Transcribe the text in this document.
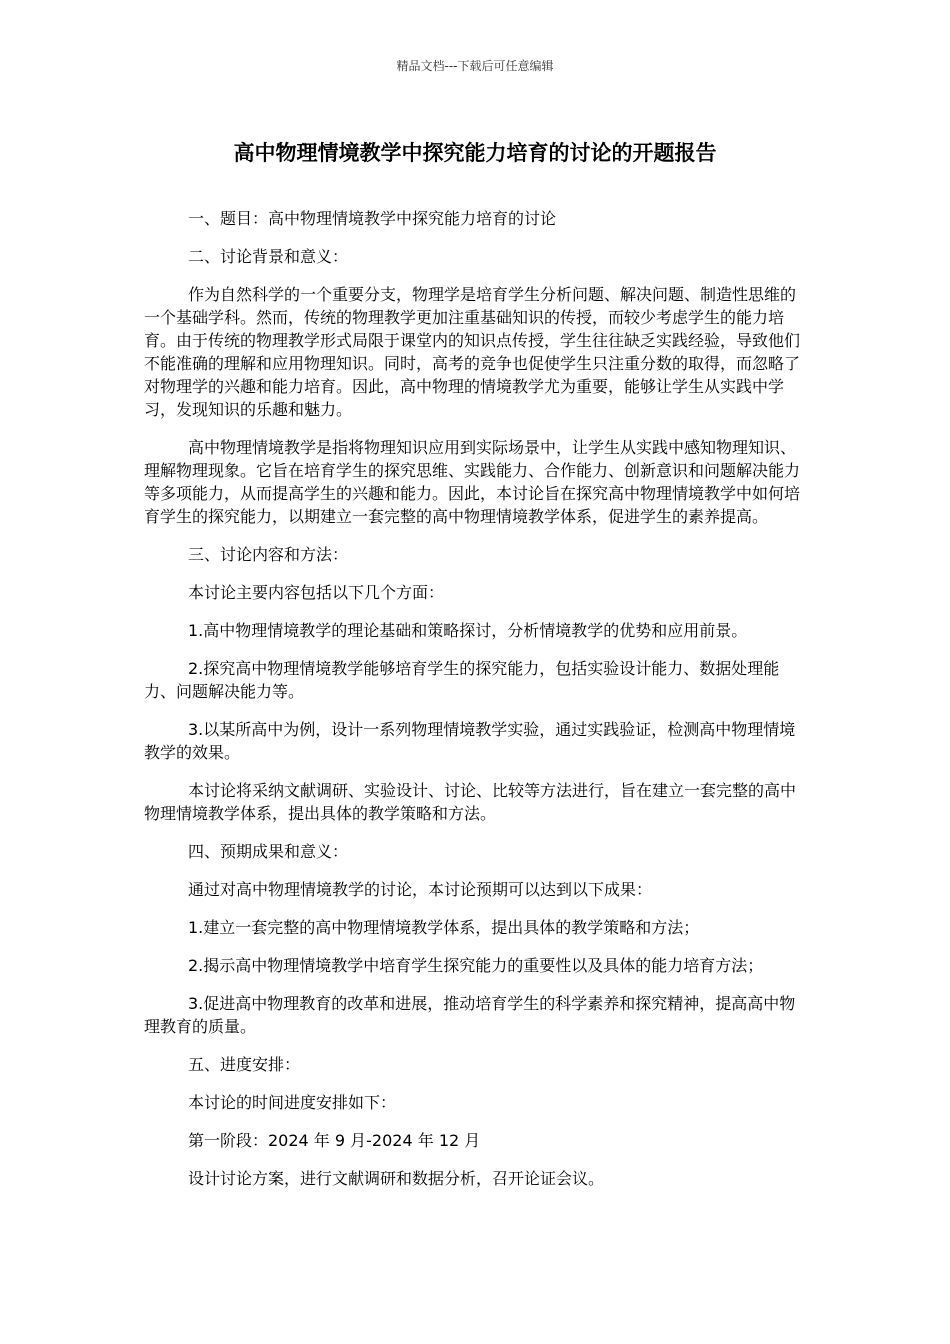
精品文档---下载后可任意编辑
高中物理情境教学中探究能力培育的讨论的开题报告

一、题目：高中物理情境教学中探究能力培育的讨论

二、讨论背景和意义：

作为自然科学的一个重要分支，物理学是培育学生分析问题、解决问题、制造性思维的一个基础学科。然而，传统的物理教学更加注重基础知识的传授，而较少考虑学生的能力培育。由于传统的物理教学形式局限于课堂内的知识点传授，学生往往缺乏实践经验，导致他们不能准确的理解和应用物理知识。同时，高考的竞争也促使学生只注重分数的取得，而忽略了对物理学的兴趣和能力培育。因此，高中物理的情境教学尤为重要，能够让学生从实践中学习，发现知识的乐趣和魅力。

高中物理情境教学是指将物理知识应用到实际场景中，让学生从实践中感知物理知识、理解物理现象。它旨在培育学生的探究思维、实践能力、合作能力、创新意识和问题解决能力等多项能力，从而提高学生的兴趣和能力。因此，本讨论旨在探究高中物理情境教学中如何培育学生的探究能力，以期建立一套完整的高中物理情境教学体系，促进学生的素养提高。

三、讨论内容和方法：

本讨论主要内容包括以下几个方面：

1.高中物理情境教学的理论基础和策略探讨，分析情境教学的优势和应用前景。

2.探究高中物理情境教学能够培育学生的探究能力，包括实验设计能力、数据处理能力、问题解决能力等。

3.以某所高中为例，设计一系列物理情境教学实验，通过实践验证，检测高中物理情境教学的效果。

本讨论将采纳文献调研、实验设计、讨论、比较等方法进行，旨在建立一套完整的高中物理情境教学体系，提出具体的教学策略和方法。

四、预期成果和意义：

通过对高中物理情境教学的讨论，本讨论预期可以达到以下成果：

1.建立一套完整的高中物理情境教学体系，提出具体的教学策略和方法；

2.揭示高中物理情境教学中培育学生探究能力的重要性以及具体的能力培育方法；

3.促进高中物理教育的改革和进展，推动培育学生的科学素养和探究精神，提高高中物理教育的质量。

五、进度安排：

本讨论的时间进度安排如下：

第一阶段：2024 年 9 月-2024 年 12 月

设计讨论方案，进行文献调研和数据分析，召开论证会议。
